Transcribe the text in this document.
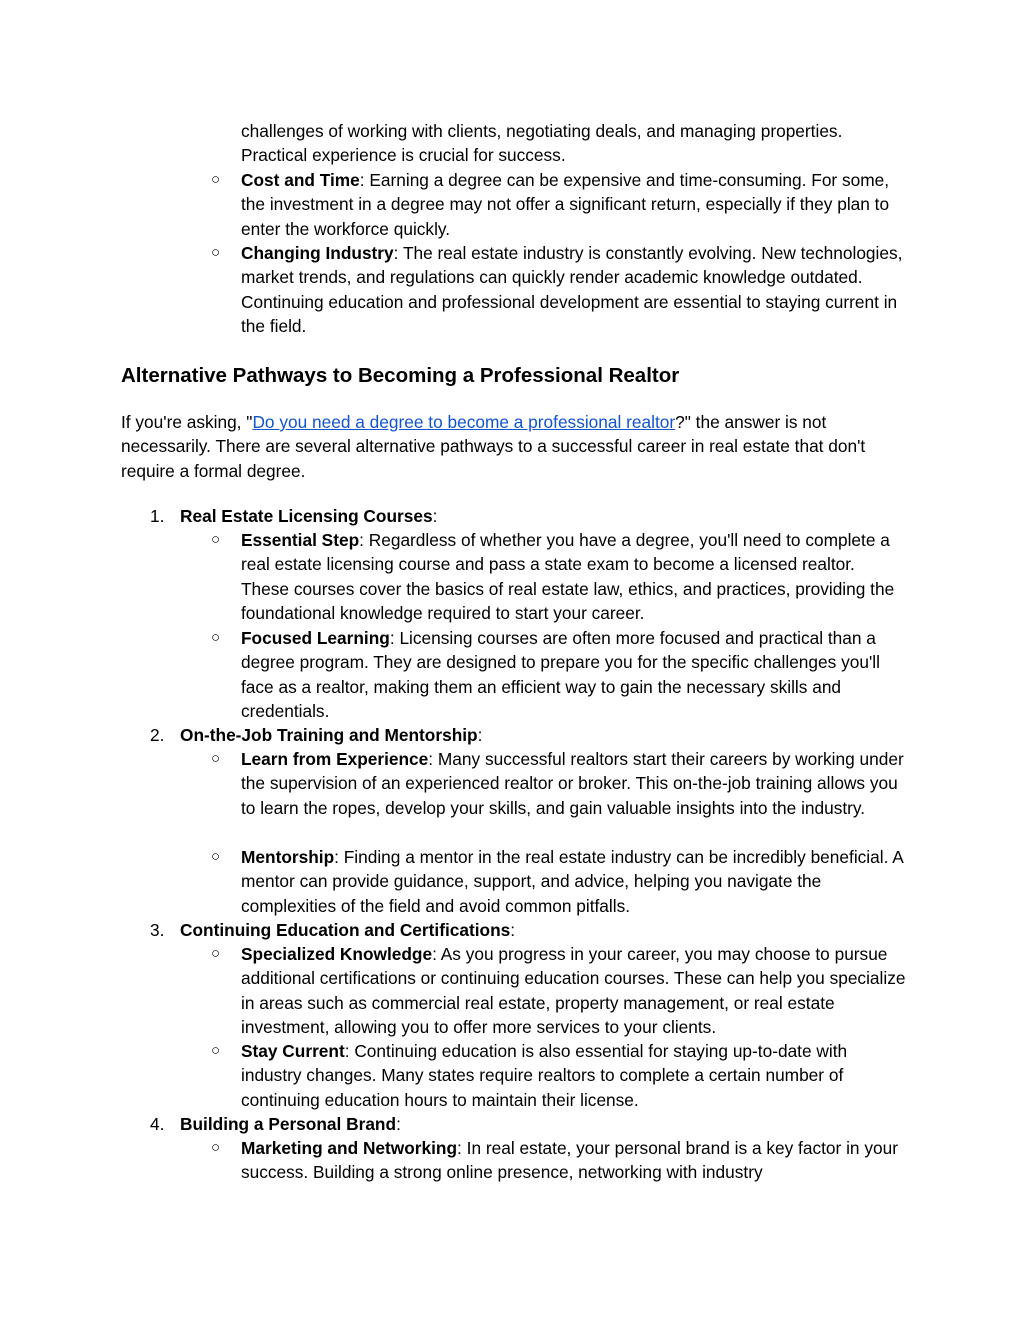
challenges of working with clients, negotiating deals, and managing properties. Practical experience is crucial for success.
○ Cost and Time: Earning a degree can be expensive and time-consuming. For some, the investment in a degree may not offer a significant return, especially if they plan to enter the workforce quickly.
○ Changing Industry: The real estate industry is constantly evolving. New technologies, market trends, and regulations can quickly render academic knowledge outdated. Continuing education and professional development are essential to staying current in the field.
Alternative Pathways to Becoming a Professional Realtor

If you're asking, "Do you need a degree to become a professional realtor?" the answer is not necessarily. There are several alternative pathways to a successful career in real estate that don't require a formal degree.

1. Real Estate Licensing Courses:
○ Essential Step: Regardless of whether you have a degree, you'll need to complete a real estate licensing course and pass a state exam to become a licensed realtor. These courses cover the basics of real estate law, ethics, and practices, providing the foundational knowledge required to start your career.
○ Focused Learning: Licensing courses are often more focused and practical than a degree program. They are designed to prepare you for the specific challenges you'll face as a realtor, making them an efficient way to gain the necessary skills and credentials.
2. On-the-Job Training and Mentorship:
○ Learn from Experience: Many successful realtors start their careers by working under the supervision of an experienced realtor or broker. This on-the-job training allows you to learn the ropes, develop your skills, and gain valuable insights into the industry.
○ Mentorship: Finding a mentor in the real estate industry can be incredibly beneficial. A mentor can provide guidance, support, and advice, helping you navigate the complexities of the field and avoid common pitfalls.
3. Continuing Education and Certifications:
○ Specialized Knowledge: As you progress in your career, you may choose to pursue additional certifications or continuing education courses. These can help you specialize in areas such as commercial real estate, property management, or real estate investment, allowing you to offer more services to your clients.
○ Stay Current: Continuing education is also essential for staying up-to-date with industry changes. Many states require realtors to complete a certain number of continuing education hours to maintain their license.
4. Building a Personal Brand:
○ Marketing and Networking: In real estate, your personal brand is a key factor in your success. Building a strong online presence, networking with industry
